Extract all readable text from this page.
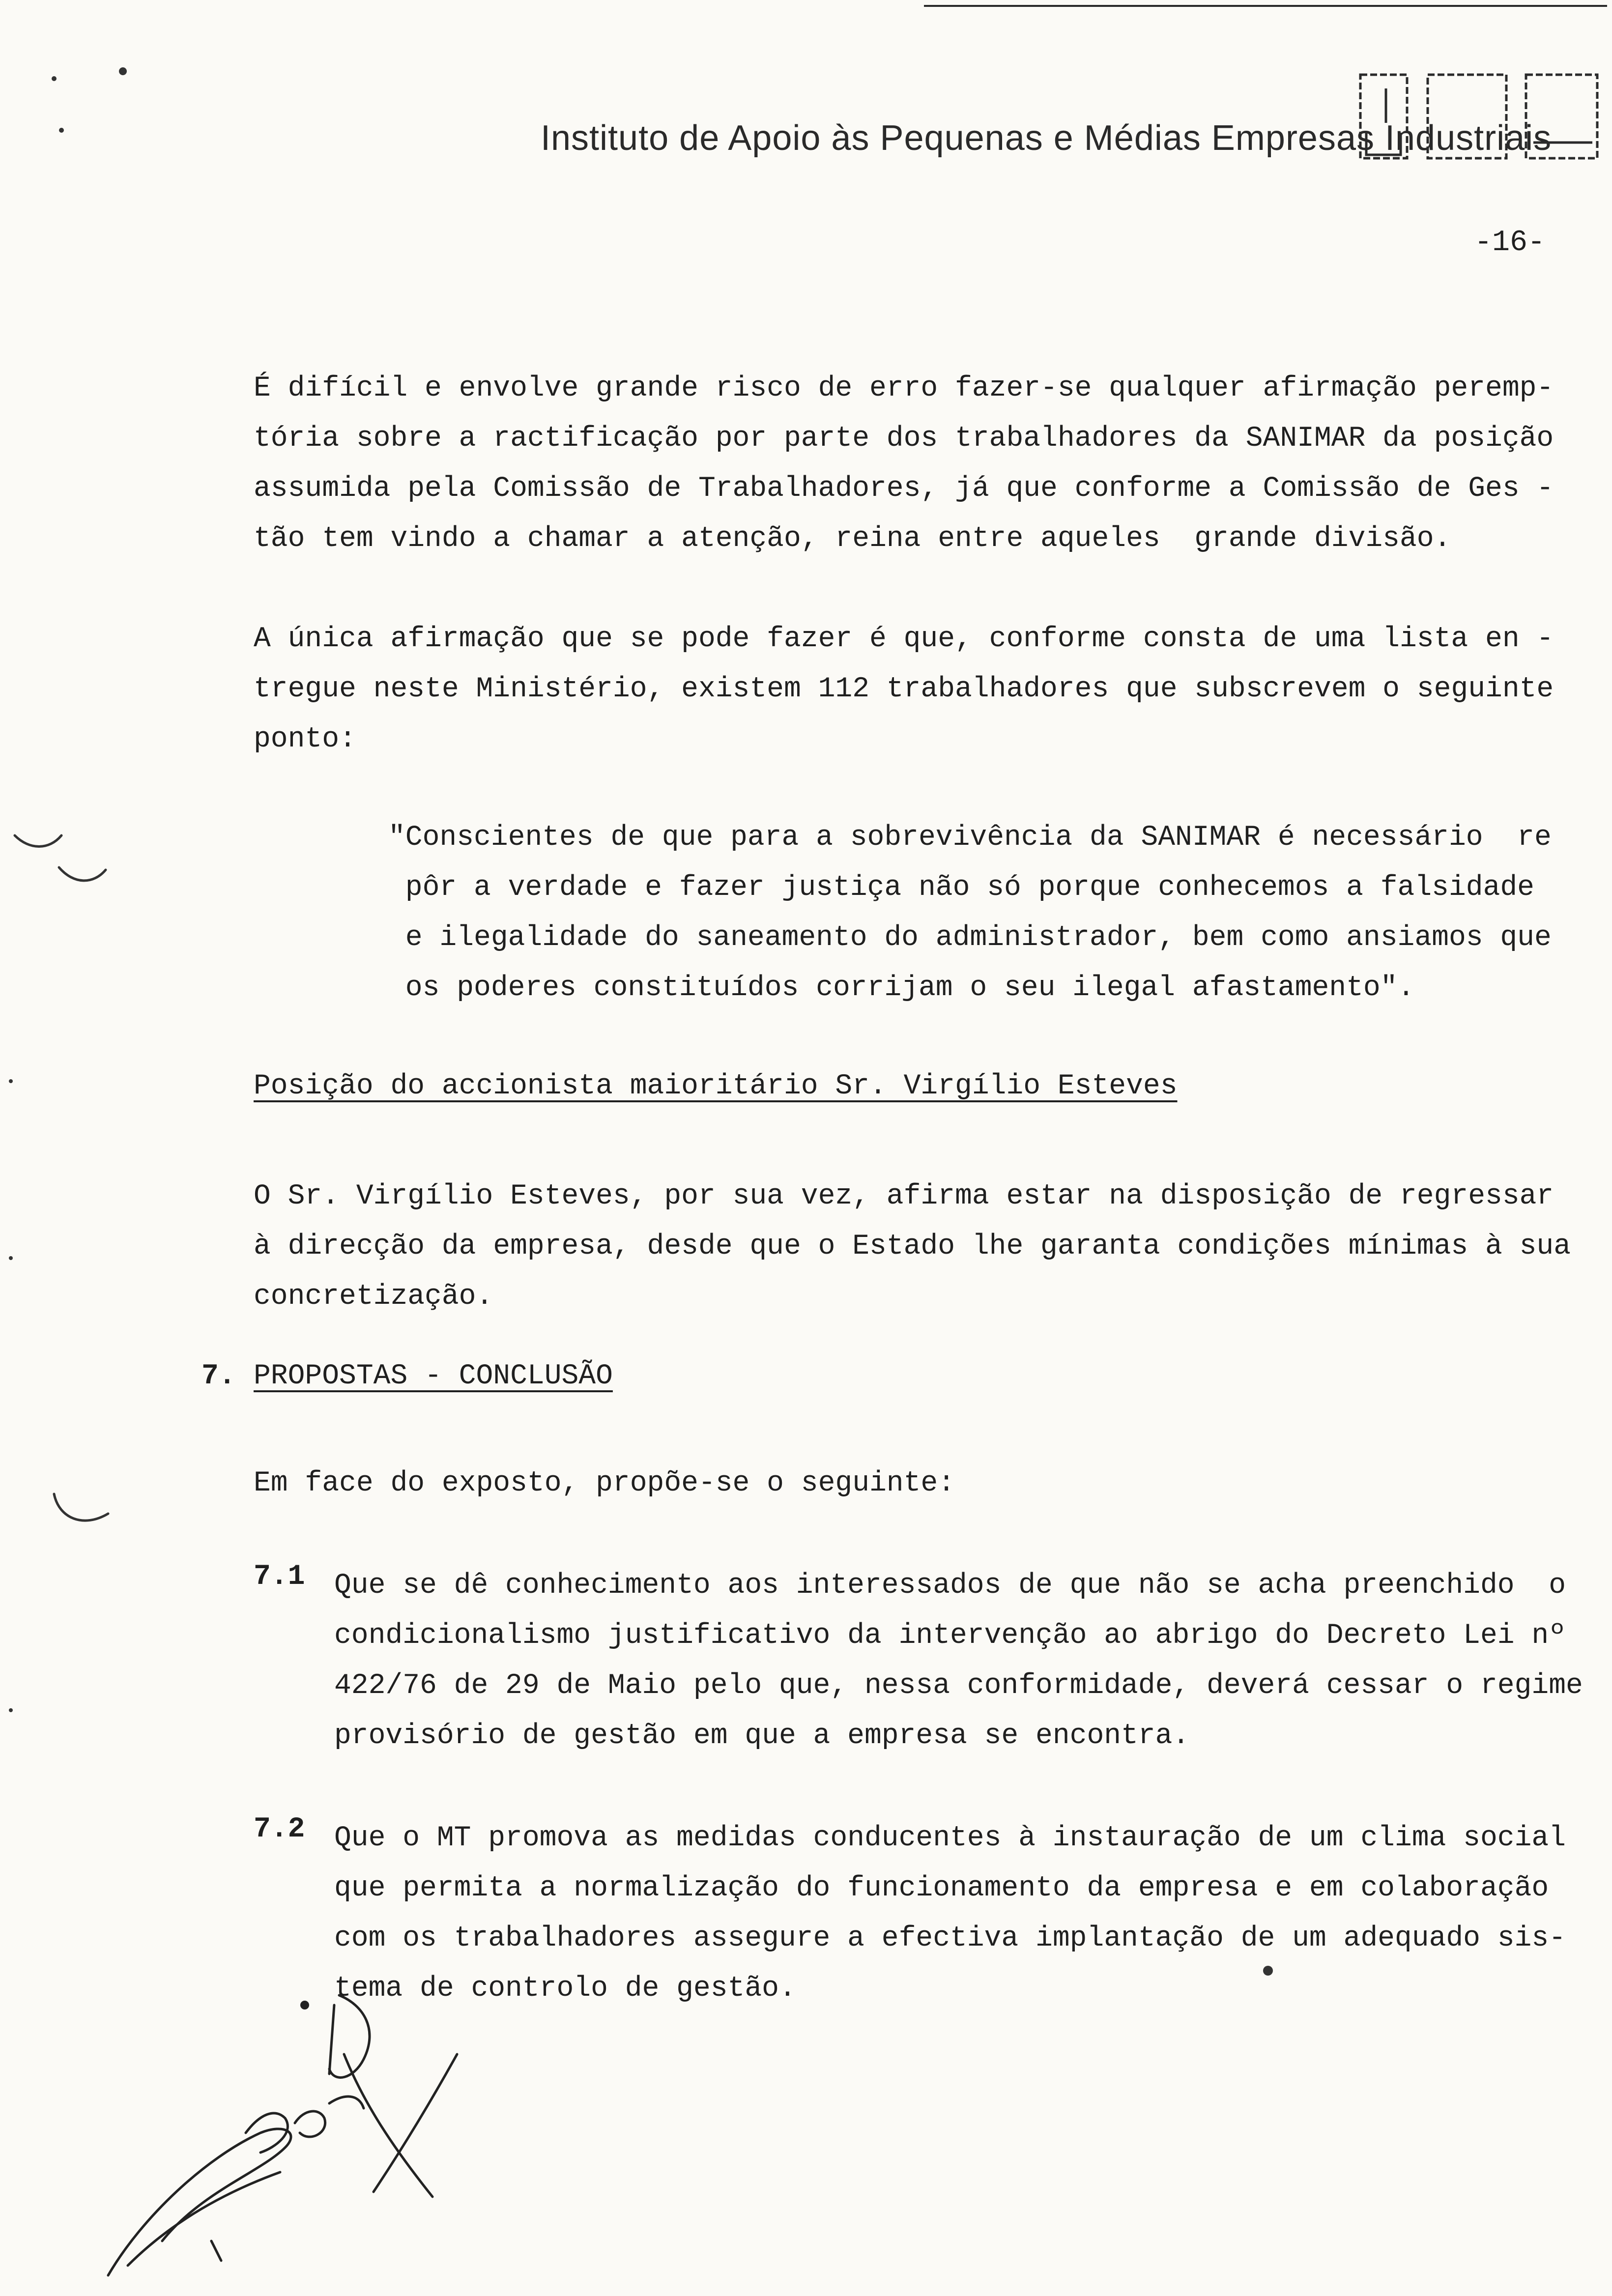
Instituto de Apoio às Pequenas e Médias Empresas Industriais
-16-
É difícil e envolve grande risco de erro fazer-se qualquer afirmação peremp-
tória sobre a ractificação por parte dos trabalhadores da SANIMAR da posição
assumida pela Comissão de Trabalhadores, já que conforme a Comissão de Ges -
tão tem vindo a chamar a atenção, reina entre aqueles  grande divisão.
A única afirmação que se pode fazer é que, conforme consta de uma lista en -
tregue neste Ministério, existem 112 trabalhadores que subscrevem o seguinte
ponto:
"Conscientes de que para a sobrevivência da SANIMAR é necessário  re
pôr a verdade e fazer justiça não só porque conhecemos a falsidade
e ilegalidade do saneamento do administrador, bem como ansiamos que
os poderes constituídos corrijam o seu ilegal afastamento".
Posição do accionista maioritário Sr. Virgílio Esteves
O Sr. Virgílio Esteves, por sua vez, afirma estar na disposição de regressar
à direcção da empresa, desde que o Estado lhe garanta condições mínimas à sua
concretização.
7. PROPOSTAS - CONCLUSÃO
Em face do exposto, propõe-se o seguinte:
7.1 Que se dê conhecimento aos interessados de que não se acha preenchido  o
condicionalismo justificativo da intervenção ao abrigo do Decreto Lei nº
422/76 de 29 de Maio pelo que, nessa conformidade, deverá cessar o regime
provisório de gestão em que a empresa se encontra.
7.2 Que o MT promova as medidas conducentes à instauração de um clima social
que permita a normalização do funcionamento da empresa e em colaboração
com os trabalhadores assegure a efectiva implantação de um adequado sis-
tema de controlo de gestão.
